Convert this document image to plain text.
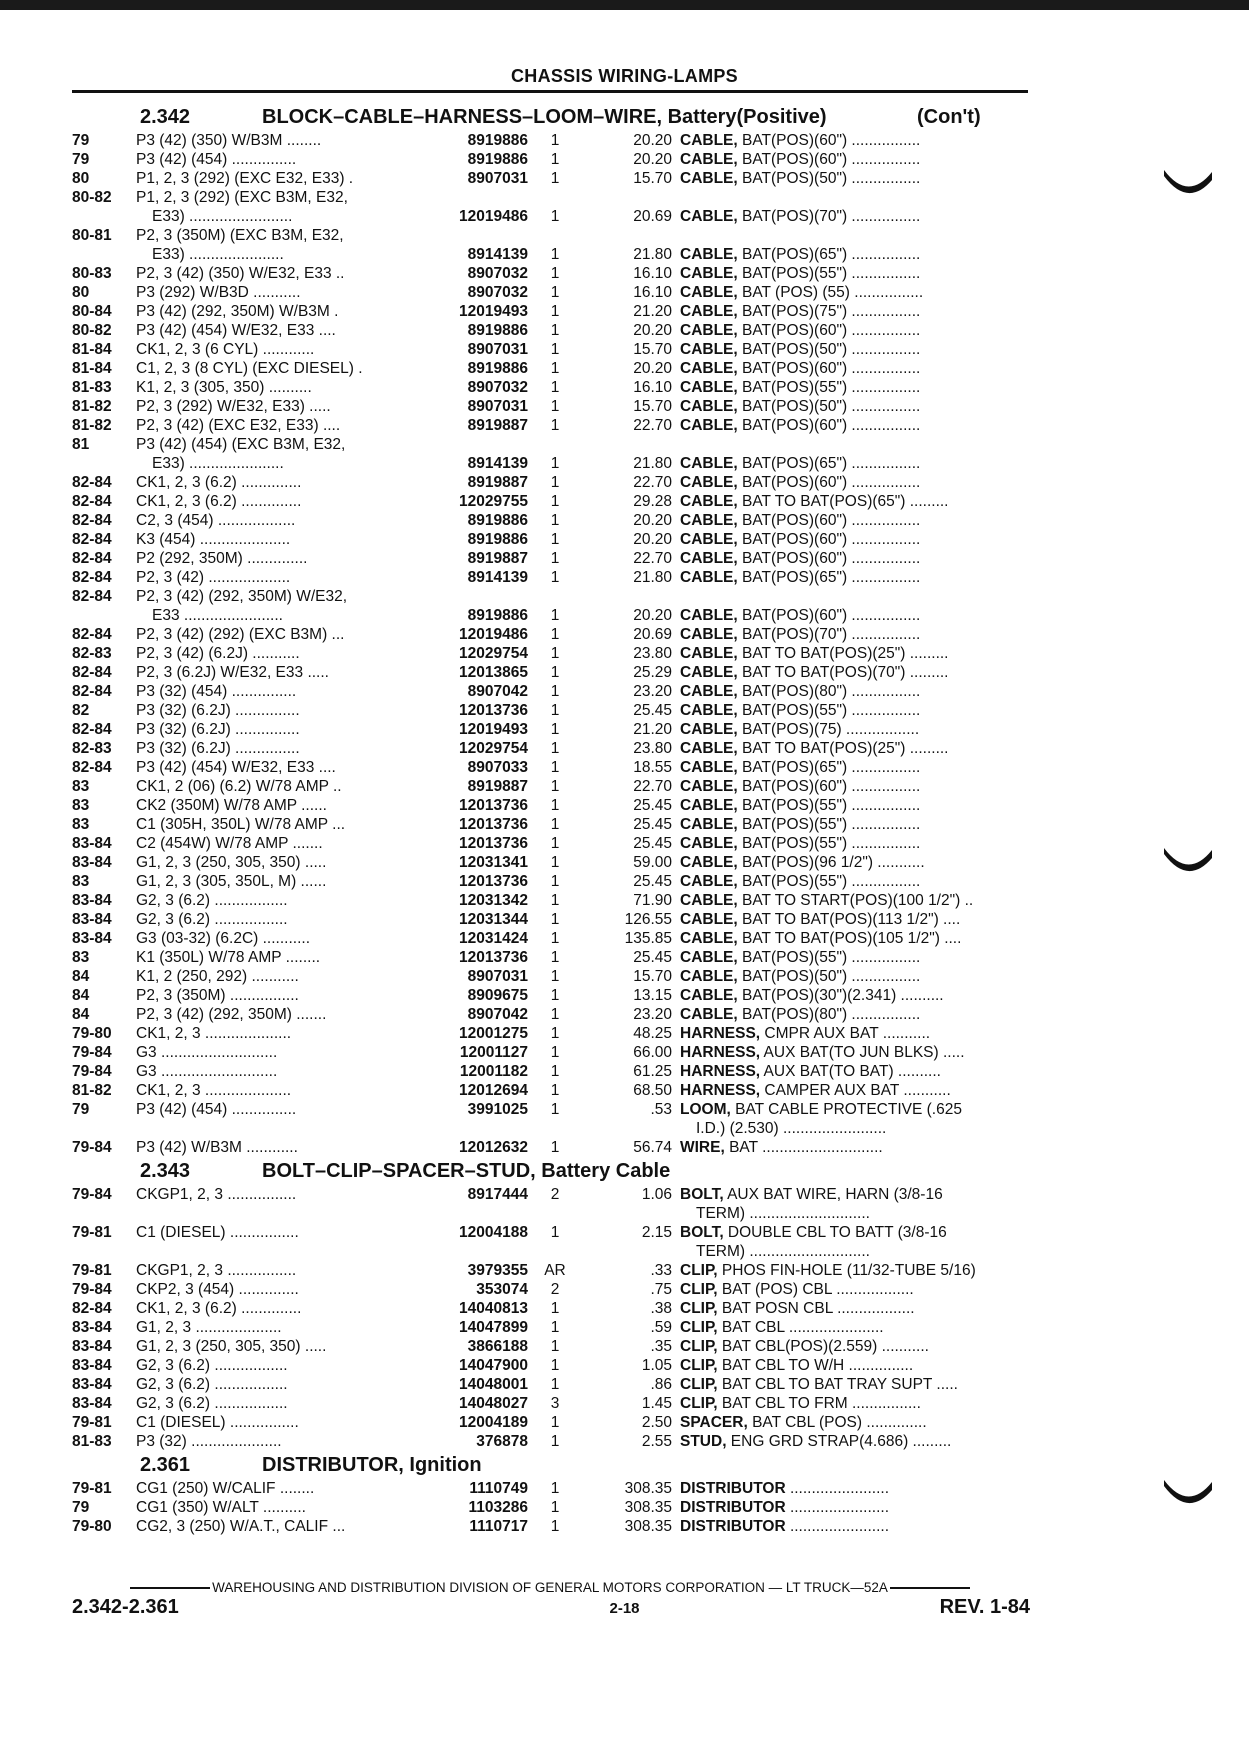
CHASSIS WIRING-LAMPS
2.342	BLOCK–CABLE–HARNESS–LOOM–WIRE, Battery(Positive)	(Con't)
79	P3 (42) (350) W/B3M ........	8919886	1	20.20 CABLE, BAT(POS)(60") ................
79	P3 (42) (454) ...............	8919886	1	20.20 CABLE, BAT(POS)(60") ................
80	P1, 2, 3 (292) (EXC E32, E33) .	8907031	1	15.70 CABLE, BAT(POS)(50") ................
80-82	P1, 2, 3 (292) (EXC B3M, E32,
E33) ........................	12019486	1	20.69 CABLE, BAT(POS)(70") ................
80-81	P2, 3 (350M) (EXC B3M, E32,
E33) ......................	8914139	1	21.80 CABLE, BAT(POS)(65") ................
80-83	P2, 3 (42) (350) W/E32, E33 ..	8907032	1	16.10 CABLE, BAT(POS)(55") ................
80	P3 (292) W/B3D ...........	8907032	1	16.10 CABLE, BAT (POS) (55) ................
80-84	P3 (42) (292, 350M) W/B3M .	12019493	1	21.20 CABLE, BAT(POS)(75") ................
80-82	P3 (42) (454) W/E32, E33 ....	8919886	1	20.20 CABLE, BAT(POS)(60") ................
81-84	CK1, 2, 3 (6 CYL) ............	8907031	1	15.70 CABLE, BAT(POS)(50") ................
81-84	C1, 2, 3 (8 CYL) (EXC DIESEL) .	8919886	1	20.20 CABLE, BAT(POS)(60") ................
81-83	K1, 2, 3 (305, 350) ..........	8907032	1	16.10 CABLE, BAT(POS)(55") ................
81-82	P2, 3 (292) W/E32, E33) .....	8907031	1	15.70 CABLE, BAT(POS)(50") ................
81-82	P2, 3 (42) (EXC E32, E33) ....	8919887	1	22.70 CABLE, BAT(POS)(60") ................
81	P3 (42) (454) (EXC B3M, E32,
E33) ......................	8914139	1	21.80 CABLE, BAT(POS)(65") ................
82-84	CK1, 2, 3 (6.2) ..............	8919887	1	22.70 CABLE, BAT(POS)(60") ................
82-84	CK1, 2, 3 (6.2) ..............	12029755	1	29.28 CABLE, BAT TO BAT(POS)(65") .........
82-84	C2, 3 (454) ..................	8919886	1	20.20 CABLE, BAT(POS)(60") ................
82-84	K3 (454) .....................	8919886	1	20.20 CABLE, BAT(POS)(60") ................
82-84	P2 (292, 350M) ..............	8919887	1	22.70 CABLE, BAT(POS)(60") ................
82-84	P2, 3 (42) ...................	8914139	1	21.80 CABLE, BAT(POS)(65") ................
82-84	P2, 3 (42) (292, 350M) W/E32,
E33 .......................	8919886	1	20.20 CABLE, BAT(POS)(60") ................
82-84	P2, 3 (42) (292) (EXC B3M) ...	12019486	1	20.69 CABLE, BAT(POS)(70") ................
82-83	P2, 3 (42) (6.2J) ...........	12029754	1	23.80 CABLE, BAT TO BAT(POS)(25") .........
82-84	P2, 3 (6.2J) W/E32, E33 .....	12013865	1	25.29 CABLE, BAT TO BAT(POS)(70") .........
82-84	P3 (32) (454) ...............	8907042	1	23.20 CABLE, BAT(POS)(80") ................
82	P3 (32) (6.2J) ...............	12013736	1	25.45 CABLE, BAT(POS)(55") ................
82-84	P3 (32) (6.2J) ...............	12019493	1	21.20 CABLE, BAT(POS)(75) .................
82-83	P3 (32) (6.2J) ...............	12029754	1	23.80 CABLE, BAT TO BAT(POS)(25") .........
82-84	P3 (42) (454) W/E32, E33 ....	8907033	1	18.55 CABLE, BAT(POS)(65") ................
83	CK1, 2 (06) (6.2) W/78 AMP ..	8919887	1	22.70 CABLE, BAT(POS)(60") ................
83	CK2 (350M) W/78 AMP ......	12013736	1	25.45 CABLE, BAT(POS)(55") ................
83	C1 (305H, 350L) W/78 AMP ...	12013736	1	25.45 CABLE, BAT(POS)(55") ................
83-84	C2 (454W) W/78 AMP .......	12013736	1	25.45 CABLE, BAT(POS)(55") ................
83-84	G1, 2, 3 (250, 305, 350) .....	12031341	1	59.00 CABLE, BAT(POS)(96 1/2") ...........
83	G1, 2, 3 (305, 350L, M) ......	12013736	1	25.45 CABLE, BAT(POS)(55") ................
83-84	G2, 3 (6.2) .................	12031342	1	71.90 CABLE, BAT TO START(POS)(100 1/2") ..
83-84	G2, 3 (6.2) .................	12031344	1	126.55 CABLE, BAT TO BAT(POS)(113 1/2") ....
83-84	G3 (03-32) (6.2C) ...........	12031424	1	135.85 CABLE, BAT TO BAT(POS)(105 1/2") ....
83	K1 (350L) W/78 AMP ........	12013736	1	25.45 CABLE, BAT(POS)(55") ................
84	K1, 2 (250, 292) ...........	8907031	1	15.70 CABLE, BAT(POS)(50") ................
84	P2, 3 (350M) ................	8909675	1	13.15 CABLE, BAT(POS)(30")(2.341) ..........
84	P2, 3 (42) (292, 350M) .......	8907042	1	23.20 CABLE, BAT(POS)(80") ................
79-80	CK1, 2, 3 ....................	12001275	1	48.25 HARNESS, CMPR AUX BAT ...........
79-84	G3 ...........................	12001127	1	66.00 HARNESS, AUX BAT(TO JUN BLKS) .....
79-84	G3 ...........................	12001182	1	61.25 HARNESS, AUX BAT(TO BAT) ..........
81-82	CK1, 2, 3 ....................	12012694	1	68.50 HARNESS, CAMPER AUX BAT ...........
79	P3 (42) (454) ...............	3991025	1	.53 LOOM, BAT CABLE PROTECTIVE (.625
I.D.) (2.530) ........................
79-84	P3 (42) W/B3M ............	12012632	1	56.74 WIRE, BAT ............................
2.343	BOLT–CLIP–SPACER–STUD, Battery Cable
79-84	CKGP1, 2, 3 ................	8917444	2	1.06 BOLT, AUX BAT WIRE, HARN (3/8-16
TERM) ............................
79-81	C1 (DIESEL) ................	12004188	1	2.15 BOLT, DOUBLE CBL TO BATT (3/8-16
TERM) ............................
79-81	CKGP1, 2, 3 ................	3979355	AR	.33 CLIP, PHOS FIN-HOLE (11/32-TUBE 5/16)
79-84	CKP2, 3 (454) ..............	353074	2	.75 CLIP, BAT (POS) CBL ..................
82-84	CK1, 2, 3 (6.2) ..............	14040813	1	.38 CLIP, BAT POSN CBL ..................
83-84	G1, 2, 3 ....................	14047899	1	.59 CLIP, BAT CBL ......................
83-84	G1, 2, 3 (250, 305, 350) .....	3866188	1	.35 CLIP, BAT CBL(POS)(2.559) ...........
83-84	G2, 3 (6.2) .................	14047900	1	1.05 CLIP, BAT CBL TO W/H ...............
83-84	G2, 3 (6.2) .................	14048001	1	.86 CLIP, BAT CBL TO BAT TRAY SUPT .....
83-84	G2, 3 (6.2) .................	14048027	3	1.45 CLIP, BAT CBL TO FRM ................
79-81	C1 (DIESEL) ................	12004189	1	2.50 SPACER, BAT CBL (POS) ..............
81-83	P3 (32) .....................	376878	1	2.55 STUD, ENG GRD STRAP(4.686) .........
2.361	DISTRIBUTOR, Ignition
79-81	CG1 (250) W/CALIF ........	1110749	1	308.35 DISTRIBUTOR .......................
79	CG1 (350) W/ALT ..........	1103286	1	308.35 DISTRIBUTOR .......................
79-80	CG2, 3 (250) W/A.T., CALIF ...	1110717	1	308.35 DISTRIBUTOR .......................
WAREHOUSING AND DISTRIBUTION DIVISION OF GENERAL MOTORS CORPORATION — LT TRUCK—52A
2.342-2.361	2-18	REV. 1-84
